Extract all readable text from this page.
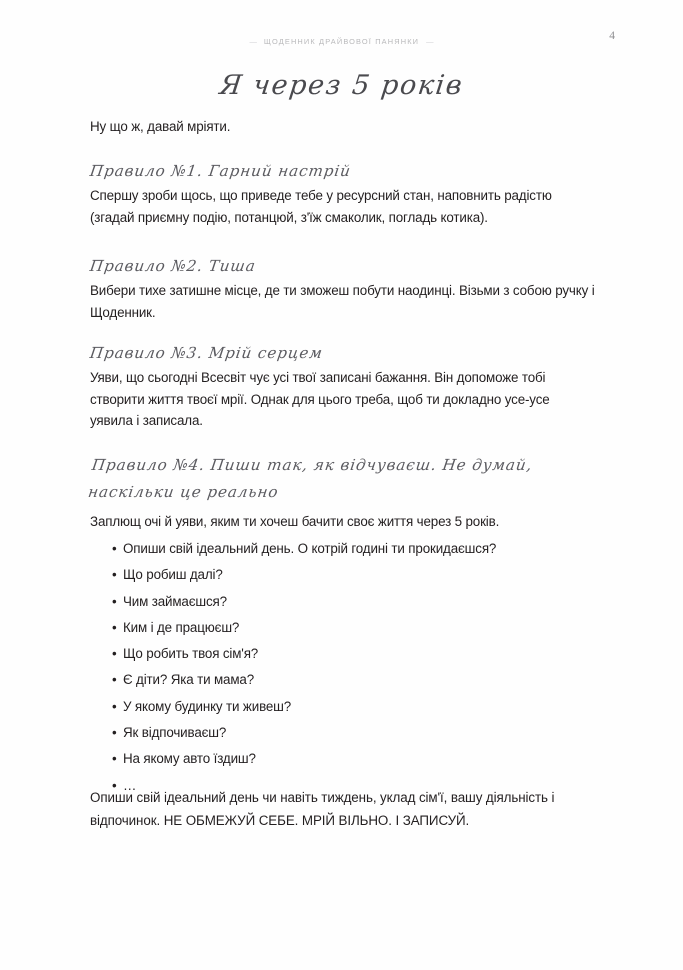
— ЩОДЕННИК ДРАЙВОВОЇ ПАНЯНКИ —	4
Я через 5 років

Ну що ж, давай мріяти.

Правило №1. Гарний настрій

Спершу зроби щось, що приведе тебе у ресурсний стан, наповнить радістю (згадай приємну подію, потанцюй, з'їж смаколик, погладь котика).

Правило №2. Тиша

Вибери тихе затишне місце, де ти зможеш побути наодинці. Візьми з собою ручку і Щоденник.

Правило №3. Мрій серцем

Уяви, що сьогодні Всесвіт чує усі твої записані бажання. Він допоможе тобі створити життя твоєї мрії. Однак для цього треба, щоб ти докладно усе-усе уявила і записала.

Правило №4. Пиши так, як відчуваєш. Не думай,
наскільки це реально

Заплющ очі й уяви, яким ти хочеш бачити своє життя через 5 років.

• Опиши свій ідеальний день. О котрій годині ти прокидаєшся?
• Що робиш далі?
• Чим займаєшся?
• Ким і де працюєш?
• Що робить твоя сім'я?
• Є діти? Яка ти мама?
• У якому будинку ти живеш?
• Як відпочиваєш?
• На якому авто їздиш?
• …

Опиши свій ідеальний день чи навіть тиждень, уклад сім'ї, вашу діяльність і відпочинок. НЕ ОБМЕЖУЙ СЕБЕ. МРІЙ ВІЛЬНО. І ЗАПИСУЙ.
